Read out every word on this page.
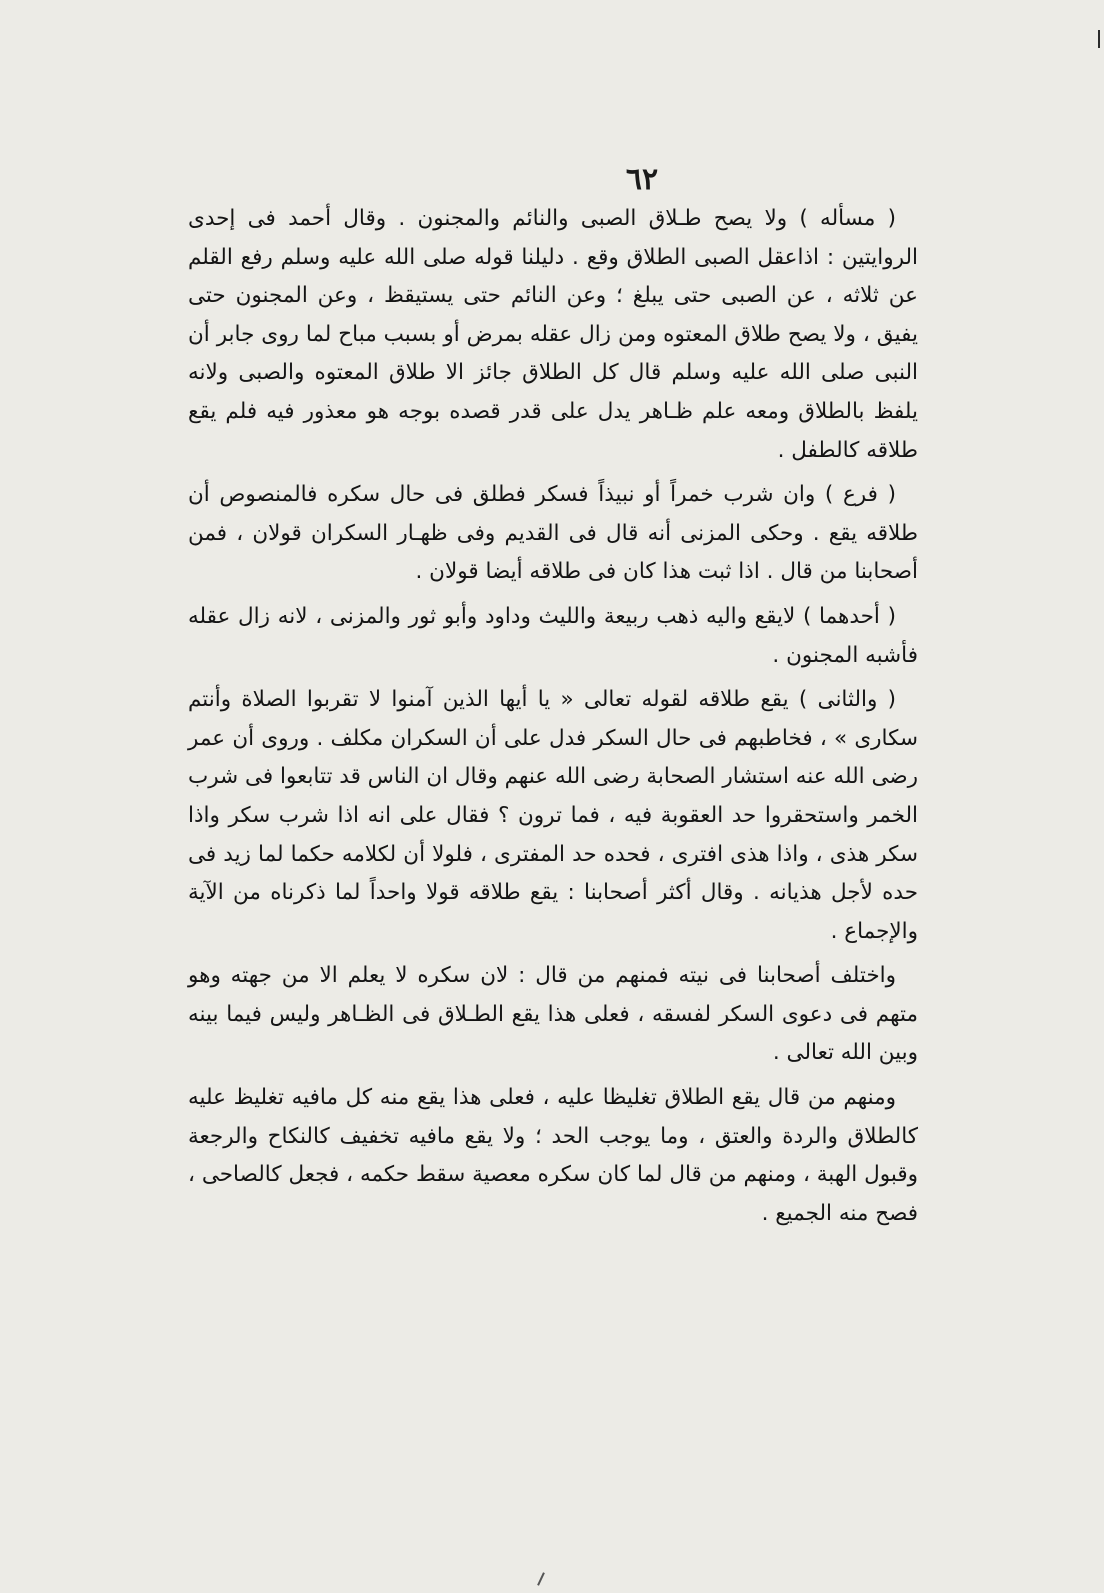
٦٢

( مسأله ) ولا يصح طـلاق الصبى والنائم والمجنون . وقال أحمد فى إحدى الروايتين : اذاعقل الصبى الطلاق وقع . دليلنا قوله صلى الله عليه وسلم رفع القلم عن ثلاثه ، عن الصبى حتى يبلغ ؛ وعن النائم حتى يستيقظ ، وعن المجنون حتى يفيق ، ولا يصح طلاق المعتوه ومن زال عقله بمرض أو بسبب مباح لما روى جابر أن النبى صلى الله عليه وسلم قال كل الطلاق جائز الا طلاق المعتوه والصبى ولانه يلفظ بالطلاق ومعه علم ظـاهر يدل على قدر قصده بوجه هو معذور فيه فلم يقع طلاقه كالطفل .

( فرع ) وان شرب خمراً أو نبيذاً فسكر فطلق فى حال سكره فالمنصوص أن طلاقه يقع . وحكى المزنى أنه قال فى القديم وفى ظهـار السكران قولان ، فمن أصحابنا من قال . اذا ثبت هذا كان فى طلاقه أيضا قولان .

( أحدهما ) لايقع واليه ذهب ربيعة والليث وداود وأبو ثور والمزنى ، لانه زال عقله فأشبه المجنون .

( والثانى ) يقع طلاقه لقوله تعالى « يا أيها الذين آمنوا لا تقربوا الصلاة وأنتم سكارى » ، فخاطبهم فى حال السكر فدل على أن السكران مكلف . وروى أن عمر رضى الله عنه استشار الصحابة رضى الله عنهم وقال ان الناس قد تتابعوا فى شرب الخمر واستحقروا حد العقوبة فيه ، فما ترون ؟ فقال على انه اذا شرب سكر واذا سكر هذى ، واذا هذى افترى ، فحده حد المفترى ، فلولا أن لكلامه حكما لما زيد فى حده لأجل هذيانه . وقال أكثر أصحابنا : يقع طلاقه قولا واحداً لما ذكرناه من الآية والإجماع .

واختلف أصحابنا فى نيته فمنهم من قال : لان سكره لا يعلم الا من جهته وهو متهم فى دعوى السكر لفسقه ، فعلى هذا يقع الطـلاق فى الظـاهر وليس فيما بينه وبين الله تعالى .

ومنهم من قال يقع الطلاق تغليظا عليه ، فعلى هذا يقع منه كل مافيه تغليظ عليه كالطلاق والردة والعتق ، وما يوجب الحد ؛ ولا يقع مافيه تخفيف كالنكاح والرجعة وقبول الهبة ، ومنهم من قال لما كان سكره معصية سقط حكمه ، فجعل كالصاحى ، فصح منه الجميع .
